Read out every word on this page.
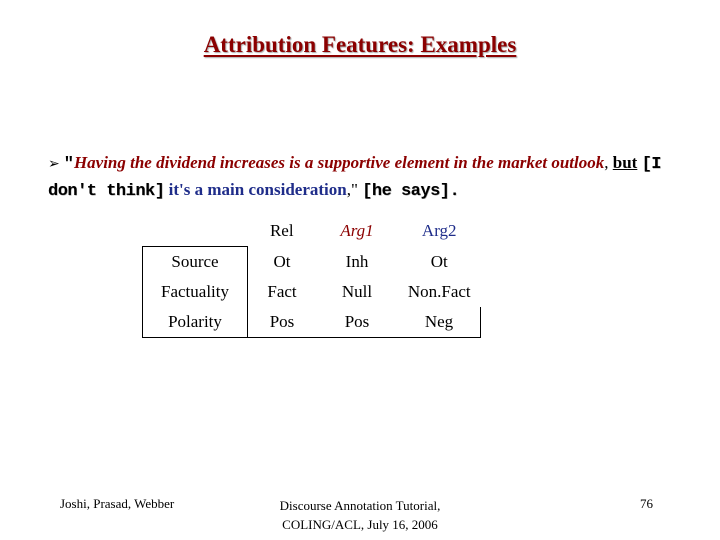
Attribution Features: Examples
➢ "Having the dividend increases is a supportive element in the market outlook, but [I don't think] it's a main consideration," [he says].
	Rel	Arg1	Arg2
Source	Ot	Inh	Ot
Factuality	Fact	Null	Non.Fact
Polarity	Pos	Pos	Neg
Joshi, Prasad, Webber	Discourse Annotation Tutorial,
COLING/ACL, July 16, 2006
76
